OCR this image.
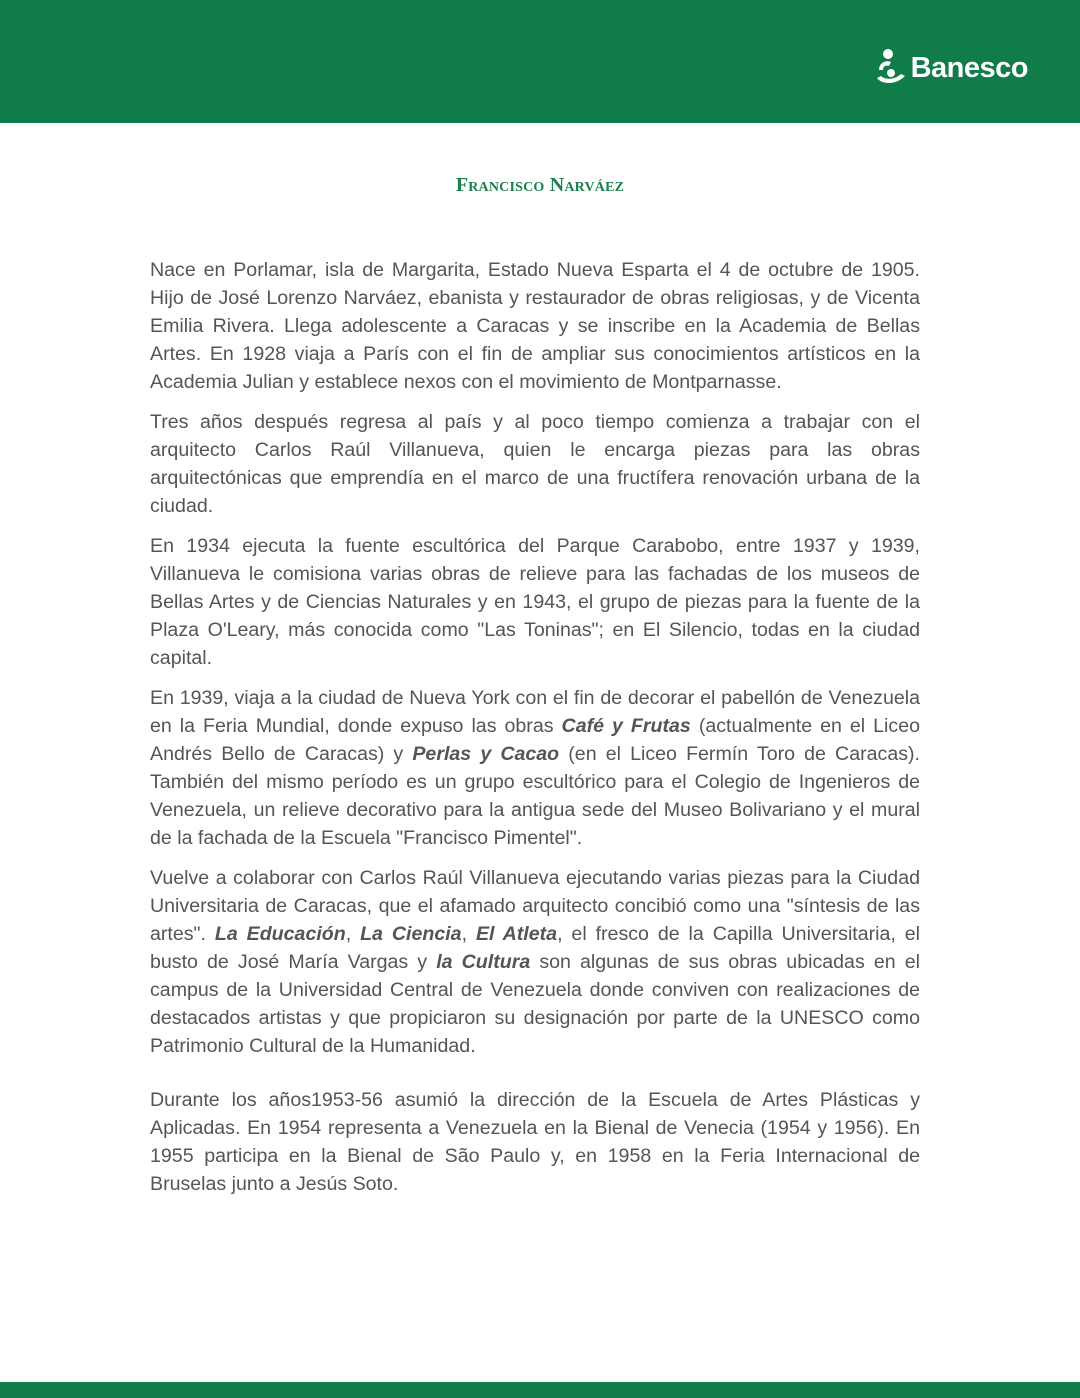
Banesco
Francisco Narváez

Nace en Porlamar, isla de Margarita, Estado Nueva Esparta el 4 de octubre de 1905. Hijo de José Lorenzo Narváez, ebanista y restaurador de obras religiosas, y de Vicenta Emilia Rivera. Llega adolescente a Caracas y se inscribe en la Academia de Bellas Artes. En 1928 viaja a París con el fin de ampliar sus conocimientos artísticos en la Academia Julian y establece nexos con el movimiento de Montparnasse.

Tres años después regresa al país y al poco tiempo comienza a trabajar con el arquitecto Carlos Raúl Villanueva, quien le encarga piezas para las obras arquitectónicas que emprendía en el marco de una fructífera renovación urbana de la ciudad.

En 1934 ejecuta la fuente escultórica del Parque Carabobo, entre 1937 y 1939, Villanueva le comisiona varias obras de relieve para las fachadas de los museos de Bellas Artes y de Ciencias Naturales y en 1943, el grupo de piezas para la fuente de la Plaza O'Leary, más conocida como "Las Toninas"; en El Silencio, todas en la ciudad capital.

En 1939, viaja a la ciudad de Nueva York con el fin de decorar el pabellón de Venezuela en la Feria Mundial, donde expuso las obras Café y Frutas (actualmente en el Liceo Andrés Bello de Caracas) y Perlas y Cacao (en el Liceo Fermín Toro de Caracas). También del mismo período es un grupo escultórico para el Colegio de Ingenieros de Venezuela, un relieve decorativo para la antigua sede del Museo Bolivariano y el mural de la fachada de la Escuela "Francisco Pimentel".

Vuelve a colaborar con Carlos Raúl Villanueva ejecutando varias piezas para la Ciudad Universitaria de Caracas, que el afamado arquitecto concibió como una "síntesis de las artes". La Educación, La Ciencia, El Atleta, el fresco de la Capilla Universitaria, el busto de José María Vargas y la Cultura son algunas de sus obras ubicadas en el campus de la Universidad Central de Venezuela donde conviven con realizaciones de destacados artistas y que propiciaron su designación por parte de la UNESCO como Patrimonio Cultural de la Humanidad.

Durante los años1953-56 asumió la dirección de la Escuela de Artes Plásticas y Aplicadas. En 1954 representa a Venezuela en la Bienal de Venecia (1954 y 1956). En 1955 participa en la Bienal de São Paulo y, en 1958 en la Feria Internacional de Bruselas junto a Jesús Soto.
